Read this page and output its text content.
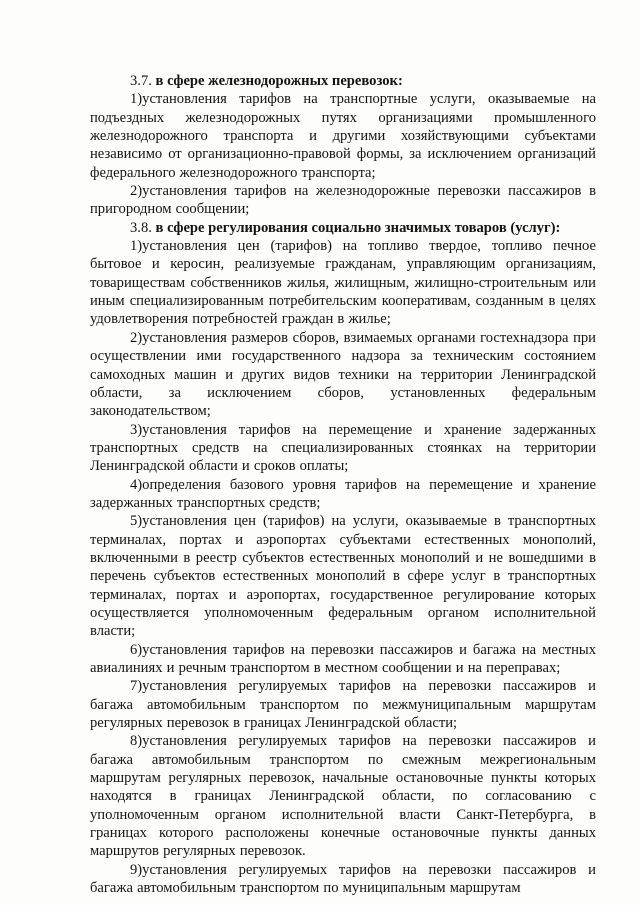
3.7. в сфере железнодорожных перевозок:

1)установления тарифов на транспортные услуги, оказываемые на подъездных железнодорожных путях организациями промышленного железнодорожного транспорта и другими хозяйствующими субъектами независимо от организационно-правовой формы, за исключением организаций федерального железнодорожного транспорта;

2)установления тарифов на железнодорожные перевозки пассажиров в пригородном сообщении;

3.8. в сфере регулирования социально значимых товаров (услуг):

1)установления цен (тарифов) на топливо твердое, топливо печное бытовое и керосин, реализуемые гражданам, управляющим организациям, товариществам собственников жилья, жилищным, жилищно-строительным или иным специализированным потребительским кооперативам, созданным в целях удовлетворения потребностей граждан в жилье;

2)установления размеров сборов, взимаемых органами гостехнадзора при осуществлении ими государственного надзора за техническим состоянием самоходных машин и других видов техники на территории Ленинградской области, за исключением сборов, установленных федеральным законодательством;

3)установления тарифов на перемещение и хранение задержанных транспортных средств на специализированных стоянках на территории Ленинградской области и сроков оплаты;

4)определения базового уровня тарифов на перемещение и хранение задержанных транспортных средств;

5)установления цен (тарифов) на услуги, оказываемые в транспортных терминалах, портах и аэропортах субъектами естественных монополий, включенными в реестр субъектов естественных монополий и не вошедшими в перечень субъектов естественных монополий в сфере услуг в транспортных терминалах, портах и аэропортах, государственное регулирование которых осуществляется уполномоченным федеральным органом исполнительной власти;

6)установления тарифов на перевозки пассажиров и багажа на местных авиалиниях и речным транспортом в местном сообщении и на переправах;

7)установления регулируемых тарифов на перевозки пассажиров и багажа автомобильным транспортом по межмуниципальным маршрутам регулярных перевозок в границах Ленинградской области;

8)установления регулируемых тарифов на перевозки пассажиров и багажа автомобильным транспортом по смежным межрегиональным маршрутам регулярных перевозок, начальные остановочные пункты которых находятся в границах Ленинградской области, по согласованию с уполномоченным органом исполнительной власти Санкт-Петербурга, в границах которого расположены конечные остановочные пункты данных маршрутов регулярных перевозок.

9)установления регулируемых тарифов на перевозки пассажиров и багажа автомобильным транспортом по муниципальным маршрутам
